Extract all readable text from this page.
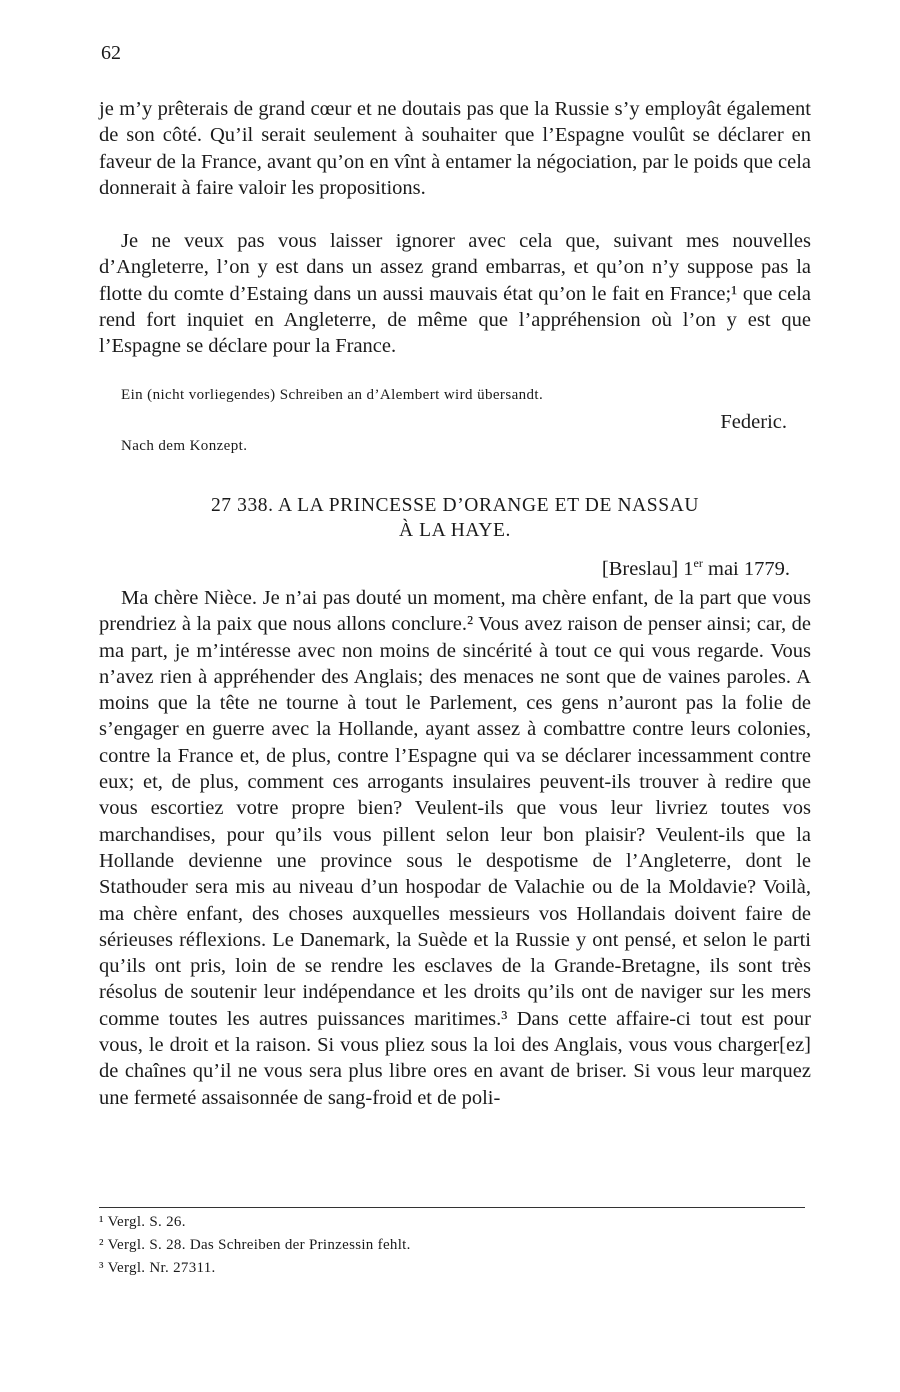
62

je m’y prêterais de grand cœur et ne doutais pas que la Russie s’y employât également de son côté. Qu’il serait seulement à souhaiter que l’Espagne voulût se déclarer en faveur de la France, avant qu’on en vînt à entamer la négociation, par le poids que cela donnerait à faire valoir les propositions.

Je ne veux pas vous laisser ignorer avec cela que, suivant mes nouvelles d’Angleterre, l’on y est dans un assez grand embarras, et qu’on n’y suppose pas la flotte du comte d’Estaing dans un aussi mauvais état qu’on le fait en France;¹ que cela rend fort inquiet en Angleterre, de même que l’appréhension où l’on y est que l’Espagne se déclare pour la France.

Ein (nicht vorliegendes) Schreiben an d’Alembert wird übersandt.
Federic.
Nach dem Konzept.
27 338. A LA PRINCESSE D’ORANGE ET DE NASSAU
À LA HAYE.
[Breslau] 1er mai 1779.

Ma chère Nièce. Je n’ai pas douté un moment, ma chère enfant, de la part que vous prendriez à la paix que nous allons conclure.² Vous avez raison de penser ainsi; car, de ma part, je m’intéresse avec non moins de sincérité à tout ce qui vous regarde. Vous n’avez rien à appréhender des Anglais; des menaces ne sont que de vaines paroles. A moins que la tête ne tourne à tout le Parlement, ces gens n’auront pas la folie de s’engager en guerre avec la Hollande, ayant assez à combattre contre leurs colonies, contre la France et, de plus, contre l’Espagne qui va se déclarer incessamment contre eux; et, de plus, comment ces arrogants insulaires peuvent-ils trouver à redire que vous escortiez votre propre bien? Veulent-ils que vous leur livriez toutes vos marchandises, pour qu’ils vous pillent selon leur bon plaisir? Veulent-ils que la Hollande devienne une province sous le despotisme de l’Angleterre, dont le Stathouder sera mis au niveau d’un hospodar de Valachie ou de la Moldavie? Voilà, ma chère enfant, des choses auxquelles messieurs vos Hollandais doivent faire de sérieuses réflexions. Le Danemark, la Suède et la Russie y ont pensé, et selon le parti qu’ils ont pris, loin de se rendre les esclaves de la Grande-Bretagne, ils sont très résolus de soutenir leur indépendance et les droits qu’ils ont de naviger sur les mers comme toutes les autres puissances maritimes.³ Dans cette affaire-ci tout est pour vous, le droit et la raison. Si vous pliez sous la loi des Anglais, vous vous charger[ez] de chaînes qu’il ne vous sera plus libre ores en avant de briser. Si vous leur marquez une fermeté assaisonnée de sang-froid et de poli-

¹ Vergl. S. 26.
² Vergl. S. 28. Das Schreiben der Prinzessin fehlt.
³ Vergl. Nr. 27311.
